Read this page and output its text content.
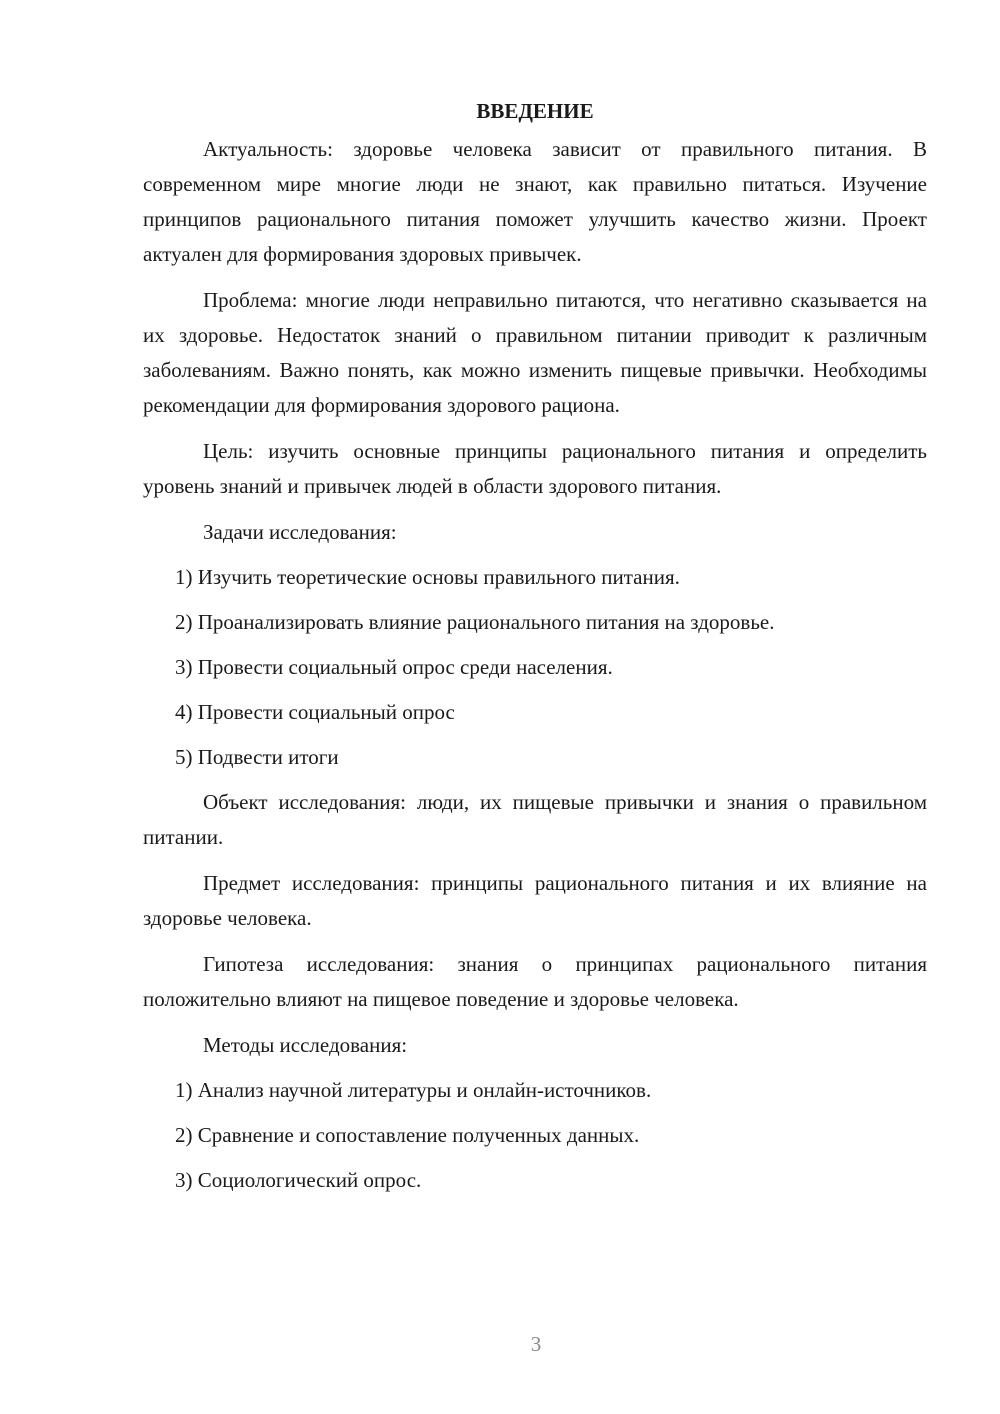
ВВЕДЕНИЕ

Актуальность: здоровье человека зависит от правильного питания. В современном мире многие люди не знают, как правильно питаться. Изучение принципов рационального питания поможет улучшить качество жизни. Проект актуален для формирования здоровых привычек.

Проблема: многие люди неправильно питаются, что негативно сказывается на их здоровье. Недостаток знаний о правильном питании приводит к различным заболеваниям. Важно понять, как можно изменить пищевые привычки. Необходимы рекомендации для формирования здорового рациона.

Цель: изучить основные принципы рационального питания и определить уровень знаний и привычек людей в области здорового питания.

Задачи исследования:

1) Изучить теоретические основы правильного питания.

2) Проанализировать влияние рационального питания на здоровье.

3) Провести социальный опрос среди населения.

4) Провести социальный опрос

5) Подвести итоги

Объект исследования: люди, их пищевые привычки и знания о правильном питании.

Предмет исследования: принципы рационального питания и их влияние на здоровье человека.

Гипотеза исследования: знания о принципах рационального питания положительно влияют на пищевое поведение и здоровье человека.

Методы исследования:

1) Анализ научной литературы и онлайн-источников.

2) Сравнение и сопоставление полученных данных.

3) Социологический опрос.

3
